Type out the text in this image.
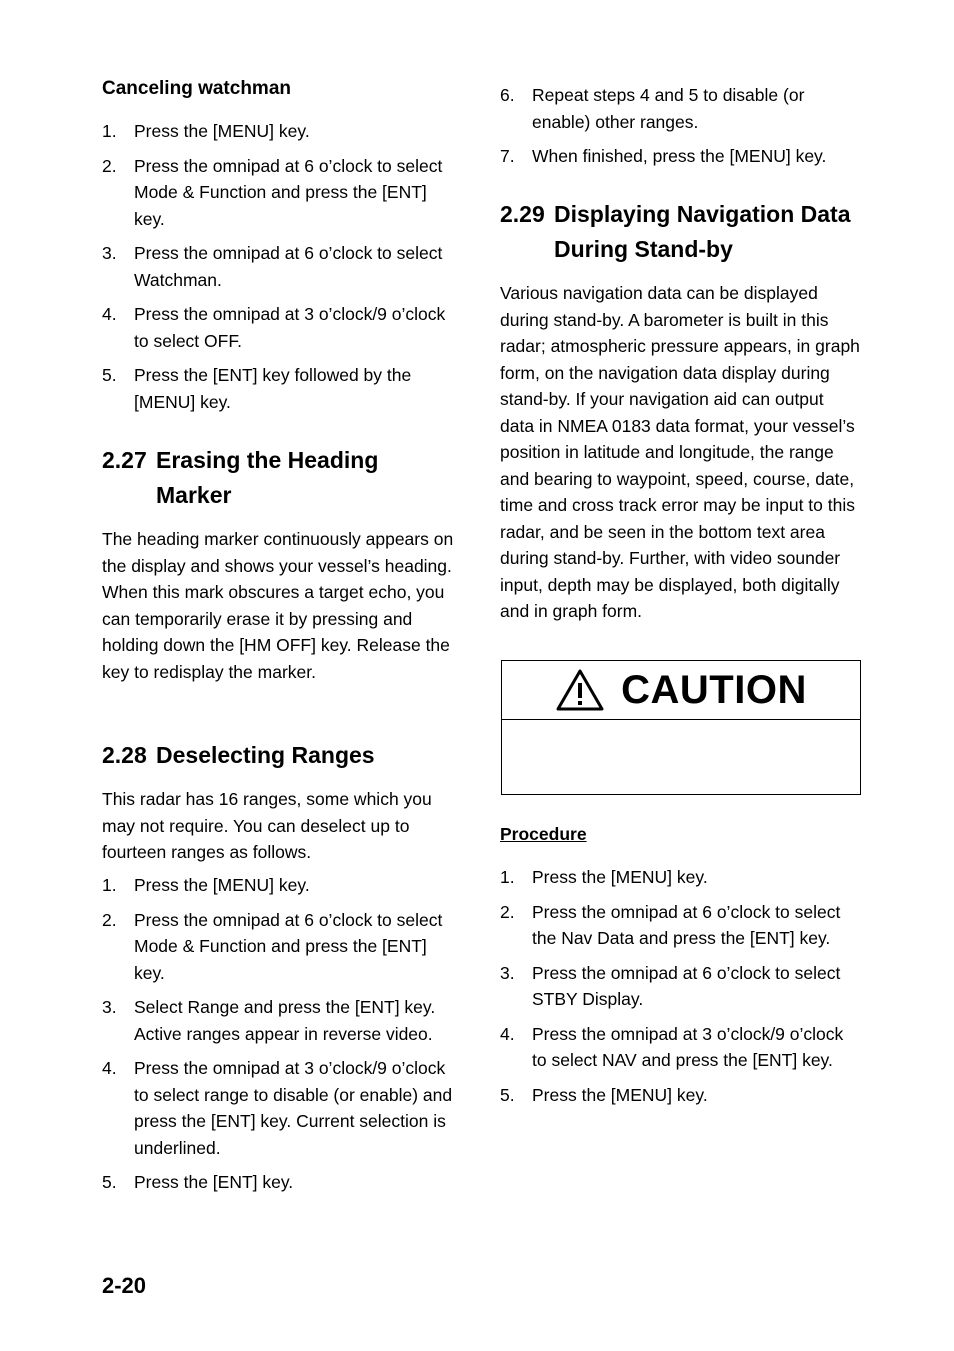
Canceling watchman
1. Press the [MENU] key.
2. Press the omnipad at 6 o’clock to select Mode & Function and press the [ENT] key.
3. Press the omnipad at 6 o’clock to select Watchman.
4. Press the omnipad at 3 o’clock/9 o’clock to select OFF.
5. Press the [ENT] key followed by the [MENU] key.
2.27 Erasing the Heading Marker
The heading marker continuously appears on the display and shows your vessel’s heading. When this mark obscures a target echo, you can temporarily erase it by pressing and holding down the [HM OFF] key. Release the key to redisplay the marker.
2.28 Deselecting Ranges
This radar has 16 ranges, some which you may not require. You can deselect up to fourteen ranges as follows.
1. Press the [MENU] key.
2. Press the omnipad at 6 o’clock to select Mode & Function and press the [ENT] key.
3. Select Range and press the [ENT] key. Active ranges appear in reverse video.
4. Press the omnipad at 3 o’clock/9 o’clock to select range to disable (or enable) and press the [ENT] key. Current selection is underlined.
5. Press the [ENT] key.
6. Repeat steps 4 and 5 to disable (or enable) other ranges.
7. When finished, press the [MENU] key.
2.29 Displaying Navigation Data During Stand-by
Various navigation data can be displayed during stand-by. A barometer is built in this radar; atmospheric pressure appears, in graph form, on the navigation data display during stand-by. If your navigation aid can output data in NMEA 0183 data format, your vessel’s position in latitude and longitude, the range and bearing to waypoint, speed, course, date, time and cross track error may be input to this radar, and be seen in the bottom text area during stand-by. Further, with video sounder input, depth may be displayed, both digitally and in graph form.
Procedure
1. Press the [MENU] key.
2. Press the omnipad at 6 o’clock to select the Nav Data and press the [ENT] key.
3. Press the omnipad at 6 o’clock to select STBY Display.
4. Press the omnipad at 3 o’clock/9 o’clock to select NAV and press the [ENT] key.
5. Press the [MENU] key.
CAUTION
2-20
